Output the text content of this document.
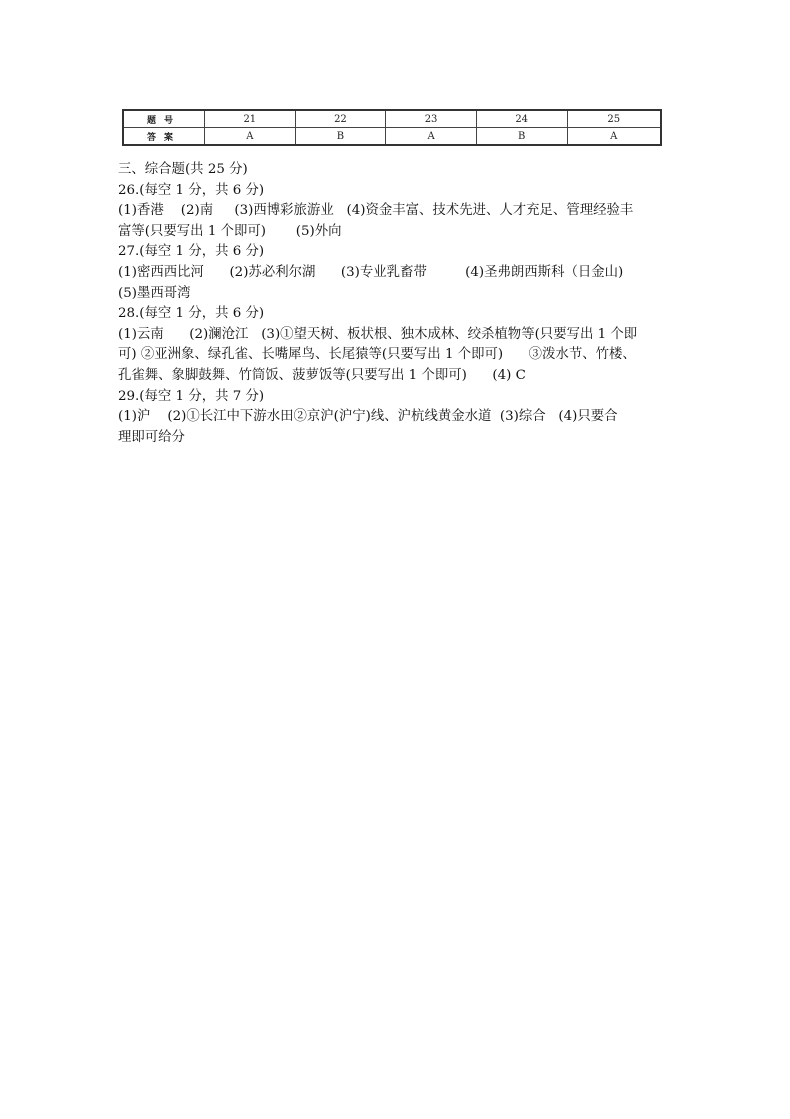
题号	21	22	23	24	25
答案	A	B	A	B	A
三、综合题(共 25 分)
26.(每空 1 分，共 6 分)
(1)香港    (2)南     (3)西博彩旅游业   (4)资金丰富、技术先进、人才充足、管理经验丰
富等(只要写出 1 个即可)       (5)外向
27.(每空 1 分，共 6 分)
(1)密西西比河      (2)苏必利尔湖      (3)专业乳畜带         (4)圣弗朗西斯科（日金山)
(5)墨西哥湾
28.(每空 1 分，共 6 分)
(1)云南      (2)澜沧江   (3)①望天树、板状根、独木成林、绞杀植物等(只要写出 1 个即
可) ②亚洲象、绿孔雀、长嘴犀鸟、长尾猿等(只要写出 1 个即可)      ③泼水节、竹楼、
孔雀舞、象脚鼓舞、竹筒饭、菠萝饭等(只要写出 1 个即可)      (4) C
29.(每空 1 分，共 7 分)
(1)沪    (2)①长江中下游水田②京沪(沪宁)线、沪杭线黄金水道  (3)综合   (4)只要合
理即可给分
